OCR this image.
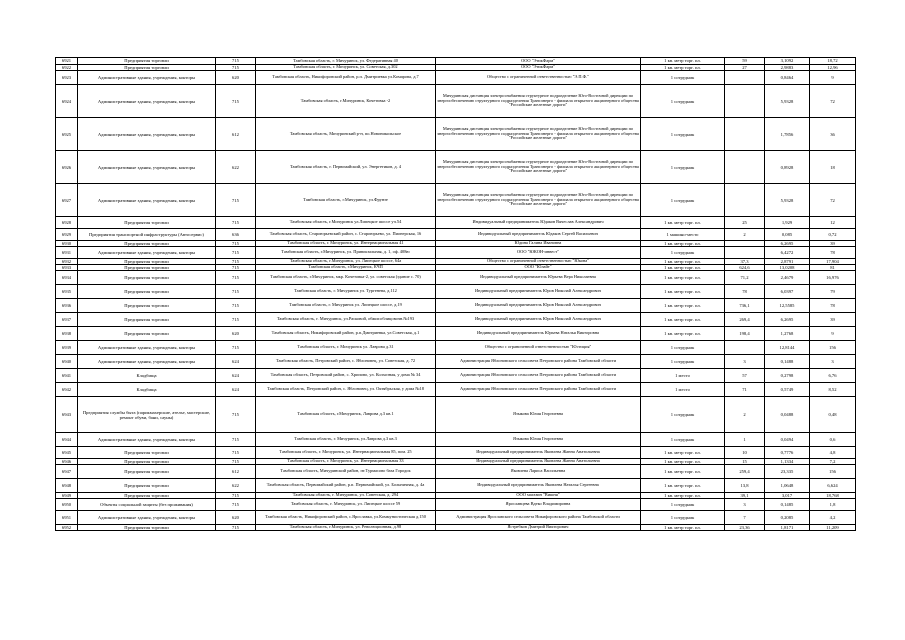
6921	Предприятия торговли	715	Тамбовская область, г. Мичуринск, ул. Федеративная 40	ООО "ЭтикФарм"	1 кв. метр торг. пл.	59	3,1092	18,72
6922	Предприятия торговли	715	Тамбовская область, г. Мичуринск, ул. Советская, д.302	ООО "ЭтикФарм"	1 кв. метр торг. пл.	27	2,9883	12,96
6923	Административные здания, учреждения, конторы	620	Тамбовская область, Никифоровский район, р.п. Дмитриевка ул.Комарова, д.7	Общество с ограниченной ответственностью "Э.П.Ф."	1 сотрудник		0,8464	9
6924	Административные здания, учреждения, конторы	715	Тамбовская область, г.Мичуринск, Кочетовка -2	Мичуринская дистанция электроснабжения структурное подразделение Юго-Восточной дирекции по энергообеспечению структурного подразделения Трансэнерго - филиала открытого акционерного общества "Российские железные дороги"	1 сотрудник		5,9328	72
6925	Административные здания, учреждения, конторы	612	Тамбовская область, Мичуринский р-н, по.Новоникольское	Мичуринская дистанция электроснабжения структурное подразделение Юго-Восточной дирекции по энергообеспечению структурного подразделения Трансэнерго - филиала открытого акционерного общества "Российские железные дороги"	1 сотрудник		1,7856	36
6926	Административные здания, учреждения, конторы	622	Тамбовская область, г. Первомайский, ул. Энергетиков, д. 4	Мичуринская дистанция электроснабжения структурное подразделение Юго-Восточной дирекции по энергообеспечению структурного подразделения Трансэнерго - филиала открытого акционерного общества "Российские железные дороги"	1 сотрудник		0,8928	18
6927	Административные здания, учреждения, конторы	715	Тамбовская область, г.Мичуринск, ул.Фрунзе	Мичуринская дистанция электроснабжения структурное подразделение Юго-Восточной дирекции по энергообеспечению структурного подразделения Трансэнерго - филиала открытого акционерного общества "Российские железные дороги"	1 сотрудник		5,9328	72
6928	Предприятия торговли	715	Тамбовская область, г.Мичуринск ул.Липецкое шоссе уч.54	Индивидуальный предприниматель Юдаков Вячеслав Александрович	1 кв. метр торг. пл.	25	1,929	12
6929	Предприятия транспортной инфраструктуры (Автосервис)	636	Тамбовская область, Староюрьевский район, с. Староюрьево, ул. Пионерская, 16	Индивидуальный предприниматель Юдаков Сергей Васильевич	1 машино-место	2	0,085	0,72
6930	Предприятия торговли	715	Тамбовская область, г. Мичуринск, ул. Интернациональная 41	Юдина Галина Ивановна	1 кв. метр торг. пл.		6,2695	39
6931	Административные здания, учреждения, конторы	715	Тамбовская область, г.Мичуринск, ул. Привокзальная, д. 1, оф. 408ю	ООО "ЮКОН-инвест"	1 сотрудник		6,4272	78
6932	Предприятия торговли	715	Тамбовская область, г.Мичуринск, ул. Липецкое шоссе, 64а	Общество с ограниченной ответственностью "Юкона"	1 кв. метр торг. пл.	37,3	2,8791	17,904
6933	Предприятия торговли	715	Тамбовская область, г.Мичуринск, КЧП	ООО "Юлайт"	1 кв. метр торг. пл.	624,6	13,0208	81
6934	Предприятия торговли	715	Тамбовская область, г.Мичуринск, мкр. Кочетовка-2, ул. советская (здание с. 70)	Индивидуальный предприниматель Юрьева Вера Николаевна	1 кв. метр торг. пл.	71,2	2,4679	16,976
6935	Предприятия торговли	715	Тамбовская область, г. Мичуринск ул. Тургенева, д.112	Индивидуальный предприниматель Юров Николай Александрович	1 кв. метр торг. пл.	78	6,0397	79
6936	Предприятия торговли	715	Тамбовская область, г. Мичуринск ул. Липецкое шоссе, д.19	Индивидуальный предприниматель Юров Николай Александрович	1 кв. метр торг. пл.	736,1	12,5585	78
6937	Предприятия торговли	715	Тамбовская область, г. Мичуринск, ул.Расковой, обжиг.облицовочн.№193	Индивидуальный предприниматель Юров Николай Александрович	1 кв. метр торг. пл.	269,4	6,2695	39
6938	Предприятия торговли	620	Тамбовская область, Никифоровский район, р.п.Дмитриевка, ул.Советская, д.1	Индивидуальный предприниматель Юрьева Наталья Викторовна	1 кв. метр торг. пл.	198,4	1,2768	9
6939	Административные здания, учреждения, конторы	715	Тамбовская область, г. Мичуринск ул. Лаврова д.31	Общество с ограниченной ответственностью "Юстиция"	1 сотрудник		12,8144	156
6940	Административные здания, учреждения, конторы	624	Тамбовская область, Петровский район, с. Яблоновец, ул. Советская, д. 72	Администрация Яблоновского сельсовета Петровского района Тамбовской области	1 сотрудник	3	0,1488	3
6941	Кладбища	624	Тамбовская область, Петровский район, с. Хрипово, ул. Колхозная, у дома № 34	Администрация Яблоновского сельсовета Петровского района Тамбовской области	1 место	57	0,2798	6,76
6942	Кладбища	624	Тамбовская область, Петровский район, с. Яблоновец, ул. Октябрьская, у дома №18	Администрация Яблоновского сельсовета Петровского района Тамбовской области	1 место	71	0,5749	8,52
6943	Предприятия службы быта (парикмахерские, ателье, мастерские, ремонт обуви, бани, сауны)	715	Тамбовская область, г.Мичуринск, Лаврова д.3 кв.1	Языкова Юлия Георгиевна	1 сотрудник	2	0,0488	0,48
6944	Административные здания, учреждения, конторы	715	Тамбовская область, г. Мичуринск, ул.Лаврова д.3 кв.3	Языкова Юлия Георгиевна	1 сотрудник	1	0,0494	0,6
6945	Предприятия торговли	715	Тамбовская область, г. Мичуринск, ул. Интернациональная 85, пом. 25	Индивидуальный предприниматель Яковлева Жанна Анатольевна	1 кв. метр торг. пл.	10	0,7776	4,8
6946	Предприятия торговли	715	Тамбовская область, г. Мичуринск, ул. Интернациональная 33	Индивидуальный предприниматель Яковлева Жанна Анатольевна	1 кв. метр торг. пл.	15	1,1334	7,2
6947	Предприятия торговли	612	Тамбовская область, Мичуринский район, пт.Турмасово база Городок	Яковлева Лариса Васильевна	1 кв. метр торг. пл.	259,4	23,335	156
6948	Предприятия торговли	622	Тамбовская область, Первомайский район, р.п. Первомайский, ул. Больничная, д. 4а	Индивидуальный предприниматель Яковлева Наталья Сергеевна	1 кв. метр торг. пл.	13,8	1,0648	6,624
6949	Предприятия торговли	715	Тамбовская область, г. Мичуринск, ул. Советская, д. 294	ООО магазин "Вишня"	1 кв. метр торг. пл.	39,1	3,017	18,768
6950	Объекты социальной защиты (без проживания)	715	Тамбовская область, г. Мичуринск, ул. Липецкое шоссе 59	Ярославцева Вдеко Владимировна	1 сотрудник	3	0,1485	1,8
6951	Административные здания, учреждения, конторы	620	Тамбовская область, Никифоровский район, с.Ярославка, ул.Коммунистическая д.150	Администрация Ярославского сельсовета Никифоровского района Тамбовской области	1 сотрудник	7	0,2085	4,2
6952	Предприятия торговли	715	Тамбовская область, г.Мичуринск, ул. Революционная, д.98	Ястребков Дмитрий Викторович	1 кв. метр торг. пл.	23,36	1,8171	11,209
